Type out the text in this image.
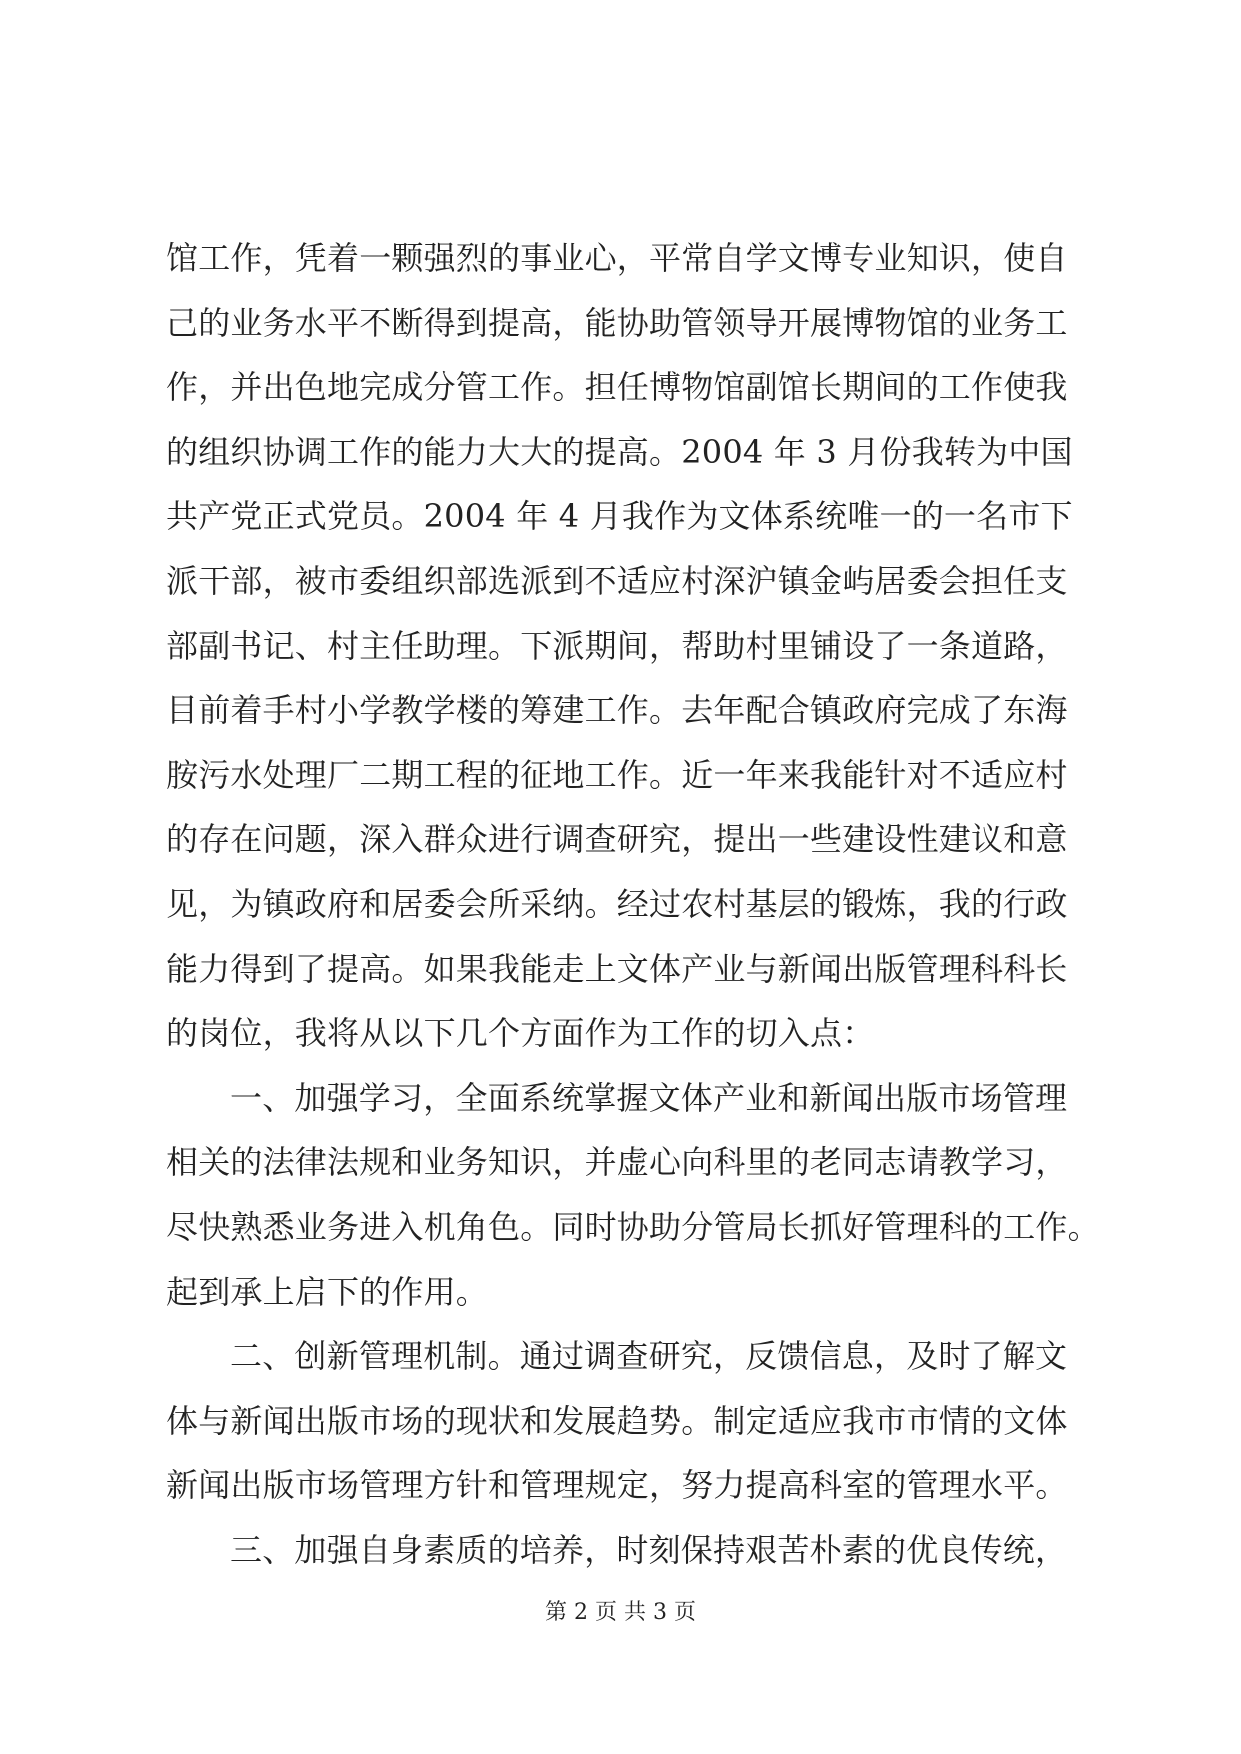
馆工作，凭着一颗强烈的事业心，平常自学文博专业知识，使自
己的业务水平不断得到提高，能协助管领导开展博物馆的业务工
作，并出色地完成分管工作。担任博物馆副馆长期间的工作使我
的组织协调工作的能力大大的提高。2004 年 3 月份我转为中国
共产党正式党员。2004 年 4 月我作为文体系统唯一的一名市下
派干部，被市委组织部选派到不适应村深沪镇金屿居委会担任支
部副书记、村主任助理。下派期间，帮助村里铺设了一条道路，
目前着手村小学教学楼的筹建工作。去年配合镇政府完成了东海
胺污水处理厂二期工程的征地工作。近一年来我能针对不适应村
的存在问题，深入群众进行调查研究，提出一些建设性建议和意
见，为镇政府和居委会所采纳。经过农村基层的锻炼，我的行政
能力得到了提高。如果我能走上文体产业与新闻出版管理科科长
的岗位，我将从以下几个方面作为工作的切入点：
一、加强学习，全面系统掌握文体产业和新闻出版市场管理
相关的法律法规和业务知识，并虚心向科里的老同志请教学习，
尽快熟悉业务进入机角色。同时协助分管局长抓好管理科的工作。
起到承上启下的作用。
二、创新管理机制。通过调查研究，反馈信息，及时了解文
体与新闻出版市场的现状和发展趋势。制定适应我市市情的文体
新闻出版市场管理方针和管理规定，努力提高科室的管理水平。
三、加强自身素质的培养，时刻保持艰苦朴素的优良传统，
第 2 页 共 3 页
